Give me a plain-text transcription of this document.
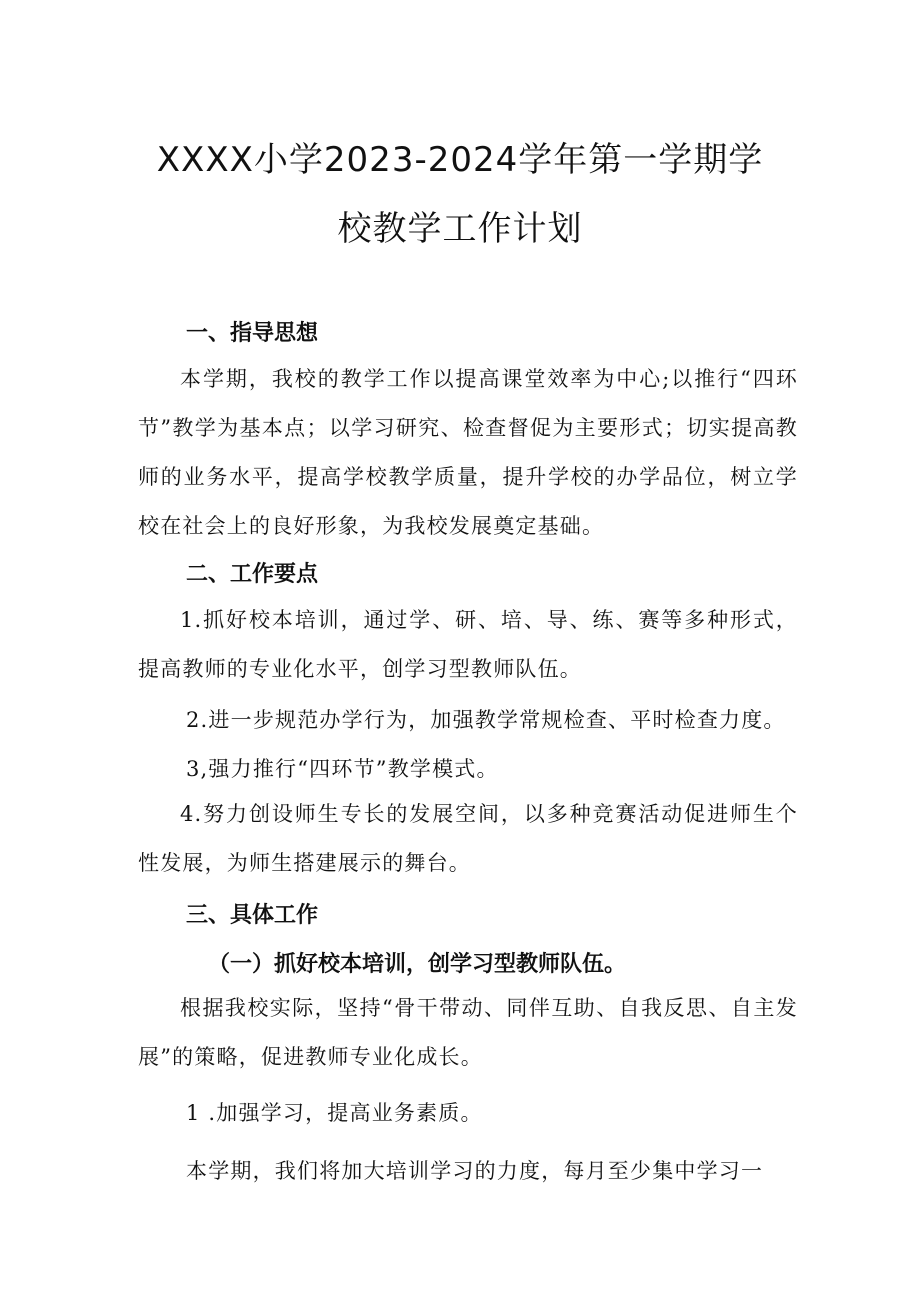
XXXX小学2023-2024学年第一学期学
校教学工作计划
一、指导思想
本学期，我校的教学工作以提高课堂效率为中心;以推行“四环节”教学为基本点；以学习研究、检查督促为主要形式；切实提高教师的业务水平，提高学校教学质量，提升学校的办学品位，树立学校在社会上的良好形象，为我校发展奠定基础。
二、工作要点
1.抓好校本培训，通过学、研、培、导、练、赛等多种形式，提高教师的专业化水平，创学习型教师队伍。
2.进一步规范办学行为，加强教学常规检查、平时检查力度。
3,强力推行“四环节”教学模式。
4.努力创设师生专长的发展空间，以多种竞赛活动促进师生个性发展，为师生搭建展示的舞台。
三、具体工作
（一）抓好校本培训，创学习型教师队伍。
根据我校实际，坚持“骨干带动、同伴互助、自我反思、自主发展”的策略，促进教师专业化成长。
1 .加强学习，提高业务素质。
本学期，我们将加大培训学习的力度，每月至少集中学习一
